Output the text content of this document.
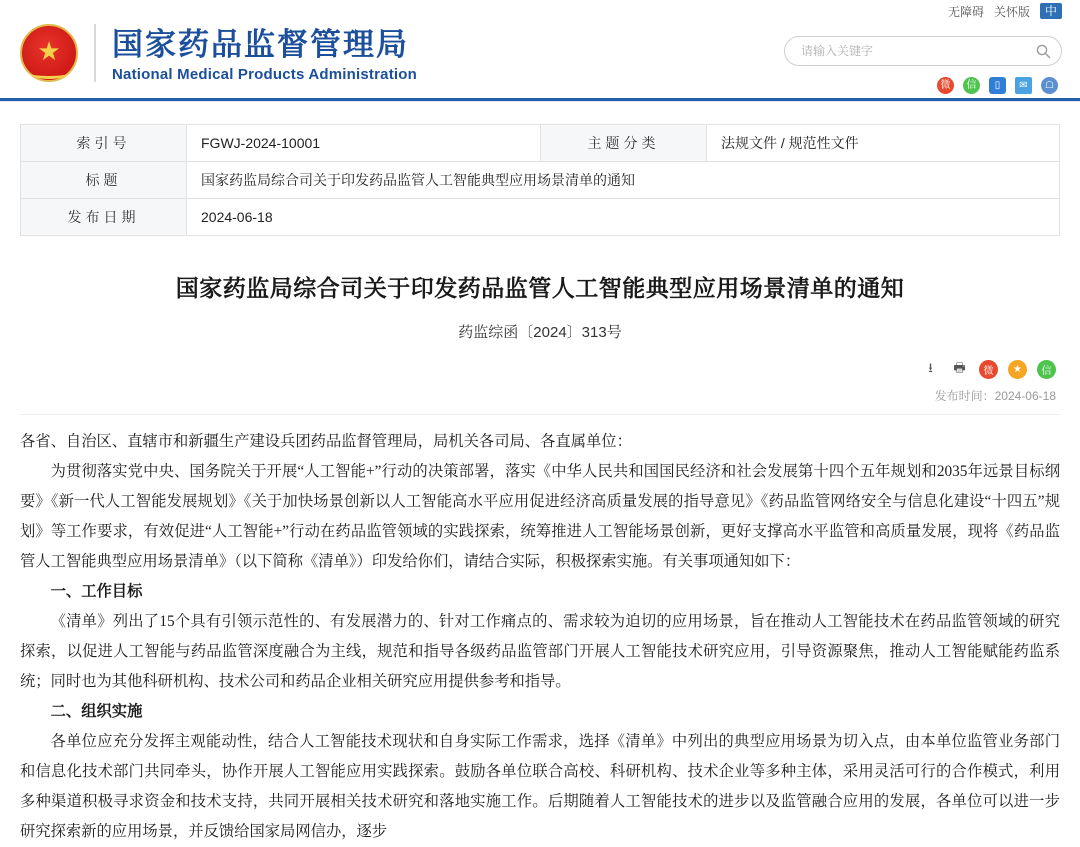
无障碍 关怀版	中
★ 国家药品监督管理局
National Medical Products Administration
请输入关键字
微	信	▯	✉	☖
索引号	FGWJ-2024-10001	主题分类	法规文件 / 规范性文件
标题	国家药监局综合司关于印发药品监管人工智能典型应用场景清单的通知		
发布日期	2024-06-18		
国家药监局综合司关于印发药品监管人工智能典型应用场景清单的通知
药监综函〔2024〕313号
⭳	🖶	微	★	信
发布时间：2024-06-18

各省、自治区、直辖市和新疆生产建设兵团药品监督管理局，局机关各司局、各直属单位：

为贯彻落实党中央、国务院关于开展“人工智能+”行动的决策部署，落实《中华人民共和国国民经济和社会发展第十四个五年规划和2035年远景目标纲要》《新一代人工智能发展规划》《关于加快场景创新以人工智能高水平应用促进经济高质量发展的指导意见》《药品监管网络安全与信息化建设“十四五”规划》等工作要求，有效促进“人工智能+”行动在药品监管领域的实践探索，统筹推进人工智能场景创新，更好支撑高水平监管和高质量发展，现将《药品监管人工智能典型应用场景清单》（以下简称《清单》）印发给你们，请结合实际，积极探索实施。有关事项通知如下：

一、工作目标

《清单》列出了15个具有引领示范性的、有发展潜力的、针对工作痛点的、需求较为迫切的应用场景，旨在推动人工智能技术在药品监管领域的研究探索，以促进人工智能与药品监管深度融合为主线，规范和指导各级药品监管部门开展人工智能技术研究应用，引导资源聚焦，推动人工智能赋能药监系统；同时也为其他科研机构、技术公司和药品企业相关研究应用提供参考和指导。

二、组织实施

各单位应充分发挥主观能动性，结合人工智能技术现状和自身实际工作需求，选择《清单》中列出的典型应用场景为切入点，由本单位监管业务部门和信息化技术部门共同牵头，协作开展人工智能应用实践探索。鼓励各单位联合高校、科研机构、技术企业等多种主体，采用灵活可行的合作模式，利用多种渠道积极寻求资金和技术支持，共同开展相关技术研究和落地实施工作。后期随着人工智能技术的进步以及监管融合应用的发展，各单位可以进一步研究探索新的应用场景，并反馈给国家局网信办，逐步
